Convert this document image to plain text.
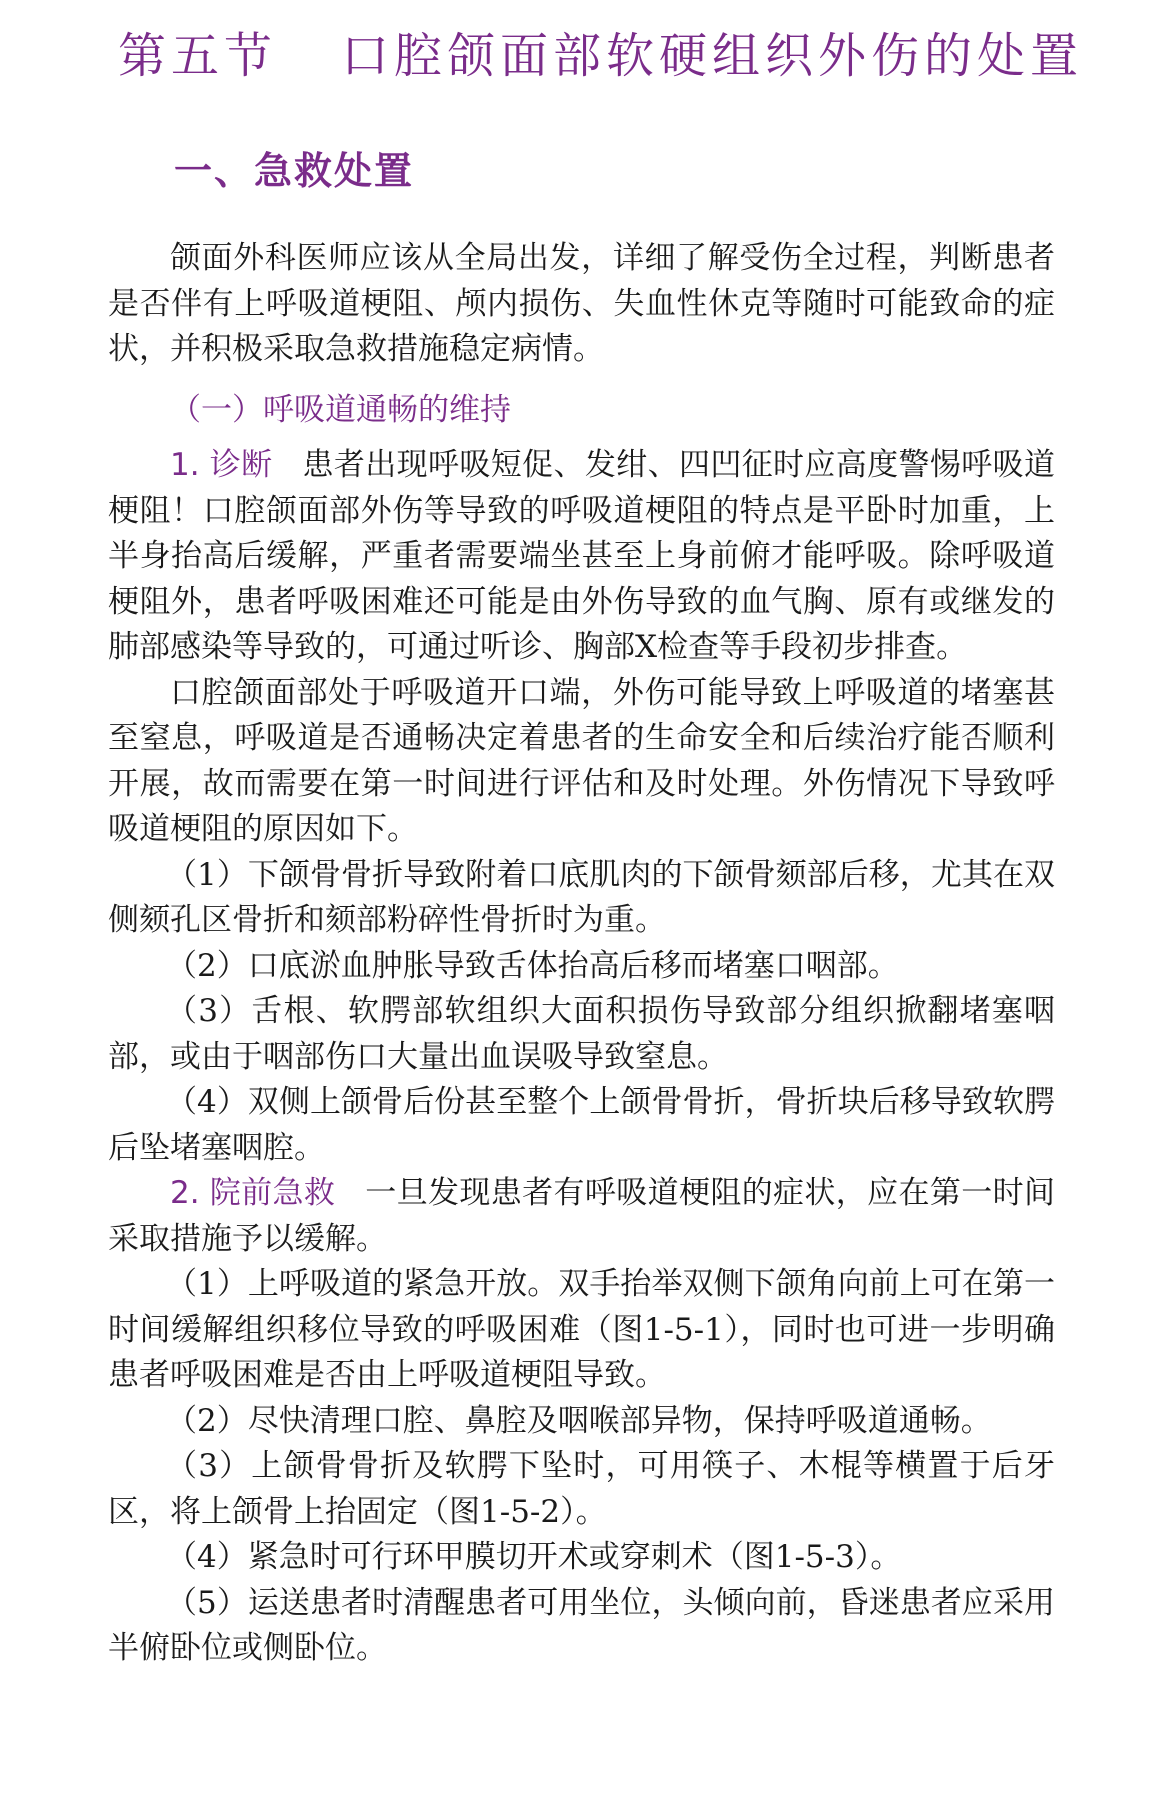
第五节 口腔颌面部软硬组织外伤的处置
一、急救处置

颌面外科医师应该从全局出发，详细了解受伤全过程，判断患者是否伴有上呼吸道梗阻、颅内损伤、失血性休克等随时可能致命的症状，并积极采取急救措施稳定病情。

（一）呼吸道通畅的维持

1. 诊断 患者出现呼吸短促、发绀、四凹征时应高度警惕呼吸道梗阻！口腔颌面部外伤等导致的呼吸道梗阻的特点是平卧时加重，上半身抬高后缓解，严重者需要端坐甚至上身前俯才能呼吸。除呼吸道梗阻外，患者呼吸困难还可能是由外伤导致的血气胸、原有或继发的肺部感染等导致的，可通过听诊、胸部X检查等手段初步排查。

口腔颌面部处于呼吸道开口端，外伤可能导致上呼吸道的堵塞甚至窒息，呼吸道是否通畅决定着患者的生命安全和后续治疗能否顺利开展，故而需要在第一时间进行评估和及时处理。外伤情况下导致呼吸道梗阻的原因如下。

（1）下颌骨骨折导致附着口底肌肉的下颌骨颏部后移，尤其在双侧颏孔区骨折和颏部粉碎性骨折时为重。

（2）口底淤血肿胀导致舌体抬高后移而堵塞口咽部。

（3）舌根、软腭部软组织大面积损伤导致部分组织掀翻堵塞咽部，或由于咽部伤口大量出血误吸导致窒息。

（4）双侧上颌骨后份甚至整个上颌骨骨折，骨折块后移导致软腭后坠堵塞咽腔。

2. 院前急救 一旦发现患者有呼吸道梗阻的症状，应在第一时间采取措施予以缓解。

（1）上呼吸道的紧急开放。双手抬举双侧下颌角向前上可在第一时间缓解组织移位导致的呼吸困难（图1-5-1），同时也可进一步明确患者呼吸困难是否由上呼吸道梗阻导致。

（2）尽快清理口腔、鼻腔及咽喉部异物，保持呼吸道通畅。

（3）上颌骨骨折及软腭下坠时，可用筷子、木棍等横置于后牙区，将上颌骨上抬固定（图1-5-2）。

（4）紧急时可行环甲膜切开术或穿刺术（图1-5-3）。

（5）运送患者时清醒患者可用坐位，头倾向前，昏迷患者应采用半俯卧位或侧卧位。
